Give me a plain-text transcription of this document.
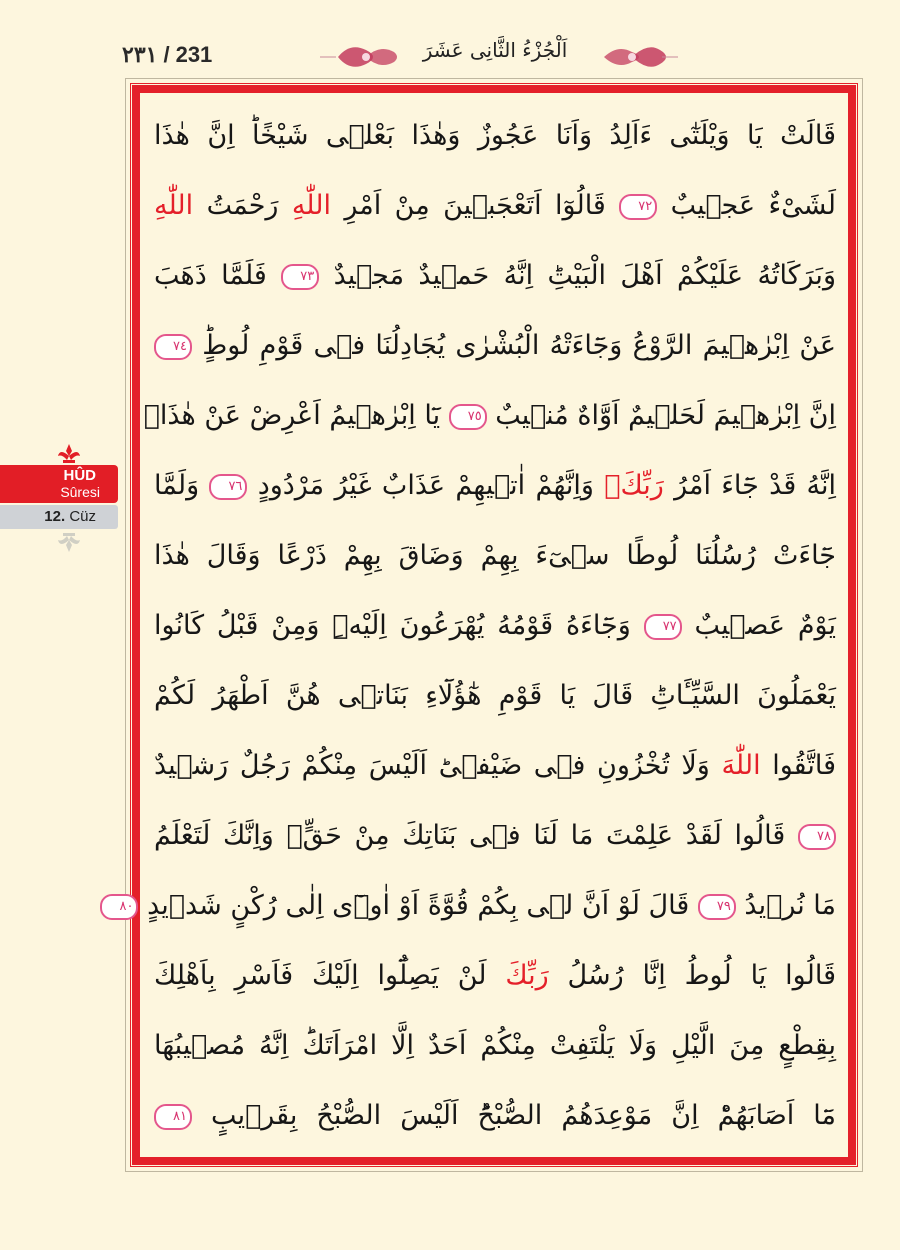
٢٣١ / 231	اَلْجُزْءُ الثَّانِى عَشَرَ
HÛD
Sûresi
12. Cüz
قَالَتْ يَا وَيْلَتٰٓى ءَاَلِدُ وَاَنَا عَجُوزٌ وَهٰذَا بَعْلٖى شَيْخًاؕ اِنَّ هٰذَا
لَشَیْءٌ عَجٖيبٌ ٧٢ قَالُوٓا اَتَعْجَبٖينَ مِنْ اَمْرِ اللّٰهِ رَحْمَتُ اللّٰهِ
وَبَرَكَاتُهُ عَلَيْكُمْ اَهْلَ الْبَيْتِؕ اِنَّهُ حَمٖيدٌ مَجٖيدٌ ٧٣ فَلَمَّا ذَهَبَ
عَنْ اِبْرٰهٖيمَ الرَّوْعُ وَجَٓاءَتْهُ الْبُشْرٰى يُجَادِلُنَا فٖى قَوْمِ لُوطٍؕ ٧٤
اِنَّ اِبْرٰهٖيمَ لَحَلٖيمٌ اَوَّاهٌ مُنٖيبٌ ٧٥ يَٓا اِبْرٰهٖيمُ اَعْرِضْ عَنْ هٰذَاۚ
اِنَّهُ قَدْ جَٓاءَ اَمْرُ رَبِّكَۚ وَاِنَّهُمْ اٰتٖيهِمْ عَذَابٌ غَيْرُ مَرْدُودٍ ٧٦ وَلَمَّا
جَٓاءَتْ رُسُلُنَا لُوطًا سٖیٓءَ بِهِمْ وَضَاقَ بِهِمْ ذَرْعًا وَقَالَ هٰذَا
يَوْمٌ عَصٖيبٌ ٧٧ وَجَٓاءَهُ قَوْمُهُ يُهْرَعُونَ اِلَيْهِۜ وَمِنْ قَبْلُ كَانُوا
يَعْمَلُونَ السَّيِّـَٔاتِؕ قَالَ يَا قَوْمِ هٰٓؤُلَٓاءِ بَنَاتٖى هُنَّ اَطْهَرُ لَكُمْ
فَاتَّقُوا اللّٰهَ وَلَا تُخْزُونِ فٖى ضَيْفٖیؕ اَلَيْسَ مِنْكُمْ رَجُلٌ رَشٖيدٌ
٧٨ قَالُوا لَقَدْ عَلِمْتَ مَا لَنَا فٖى بَنَاتِكَ مِنْ حَقٍّۚ وَاِنَّكَ لَتَعْلَمُ
مَا نُرٖيدُ ٧٩ قَالَ لَوْ اَنَّ لٖى بِكُمْ قُوَّةً اَوْ اٰوٖٓى اِلٰى رُكْنٍ شَدٖيدٍ ٨٠
قَالُوا يَا لُوطُ اِنَّا رُسُلُ رَبِّكَ لَنْ يَصِلُٓوا اِلَيْكَ فَاَسْرِ بِاَهْلِكَ
بِقِطْعٍ مِنَ الَّيْلِ وَلَا يَلْتَفِتْ مِنْكُمْ اَحَدٌ اِلَّا امْرَاَتَكَؕ اِنَّهُ مُصٖيبُهَا
مَٓا اَصَابَهُمْؕ اِنَّ مَوْعِدَهُمُ الصُّبْحُؕ اَلَيْسَ الصُّبْحُ بِقَرٖيبٍ ٨١
